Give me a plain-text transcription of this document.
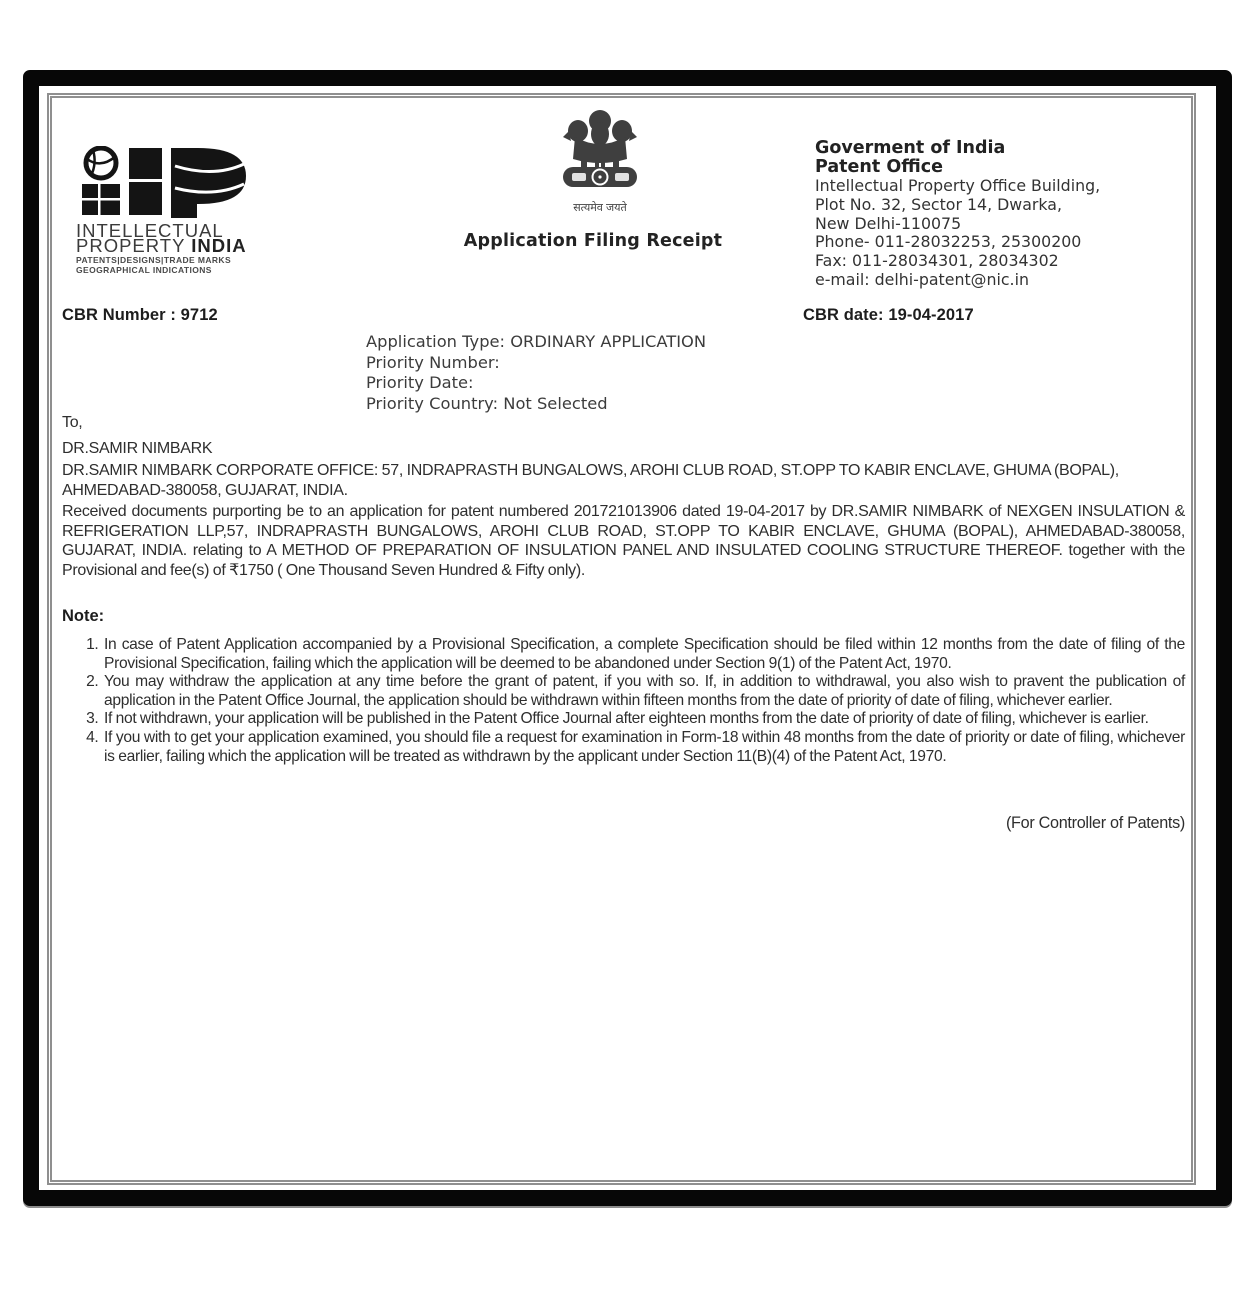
INTELLECTUAL
PROPERTY INDIA
PATENTS|DESIGNS|TRADE MARKS
GEOGRAPHICAL INDICATIONS
सत्यमेव जयते
Application Filing Receipt
Goverment of India
Patent Office
Intellectual Property Office Building,
Plot No. 32, Sector 14, Dwarka,
New Delhi-110075
Phone- 011-28032253, 25300200
Fax: 011-28034301, 28034302
e-mail: delhi-patent@nic.in
CBR Number : 9712	CBR date: 19-04-2017
Application Type: ORDINARY APPLICATION
Priority Number:
Priority Date:
Priority Country: Not Selected
To,
DR.SAMIR NIMBARK
DR.SAMIR NIMBARK CORPORATE OFFICE: 57, INDRAPRASTH BUNGALOWS, AROHI CLUB ROAD, ST.OPP TO KABIR ENCLAVE, GHUMA (BOPAL), AHMEDABAD-380058, GUJARAT, INDIA.
Received documents purporting be to an application for patent numbered 201721013906 dated 19-04-2017 by DR.SAMIR NIMBARK of NEXGEN INSULATION & REFRIGERATION LLP,57, INDRAPRASTH BUNGALOWS, AROHI CLUB ROAD, ST.OPP TO KABIR ENCLAVE, GHUMA (BOPAL), AHMEDABAD-380058, GUJARAT, INDIA. relating to A METHOD OF PREPARATION OF INSULATION PANEL AND INSULATED COOLING STRUCTURE THEREOF. together with the Provisional and fee(s) of ₹1750 ( One Thousand Seven Hundred & Fifty only).
Note:
1. In case of Patent Application accompanied by a Provisional Specification, a complete Specification should be filed within 12 months from the date of filing of the Provisional Specification, failing which the application will be deemed to be abandoned under Section 9(1) of the Patent Act, 1970.
2. You may withdraw the application at any time before the grant of patent, if you with so. If, in addition to withdrawal, you also wish to pravent the publication of application in the Patent Office Journal, the application should be withdrawn within fifteen months from the date of priority of date of filing, whichever earlier.
3. If not withdrawn, your application will be published in the Patent Office Journal after eighteen months from the date of priority of date of filing, whichever is earlier.
4. If you with to get your application examined, you should file a request for examination in Form-18 within 48 months from the date of priority or date of filing, whichever is earlier, failing which the application will be treated as withdrawn by the applicant under Section 11(B)(4) of the Patent Act, 1970.
(For Controller of Patents)
